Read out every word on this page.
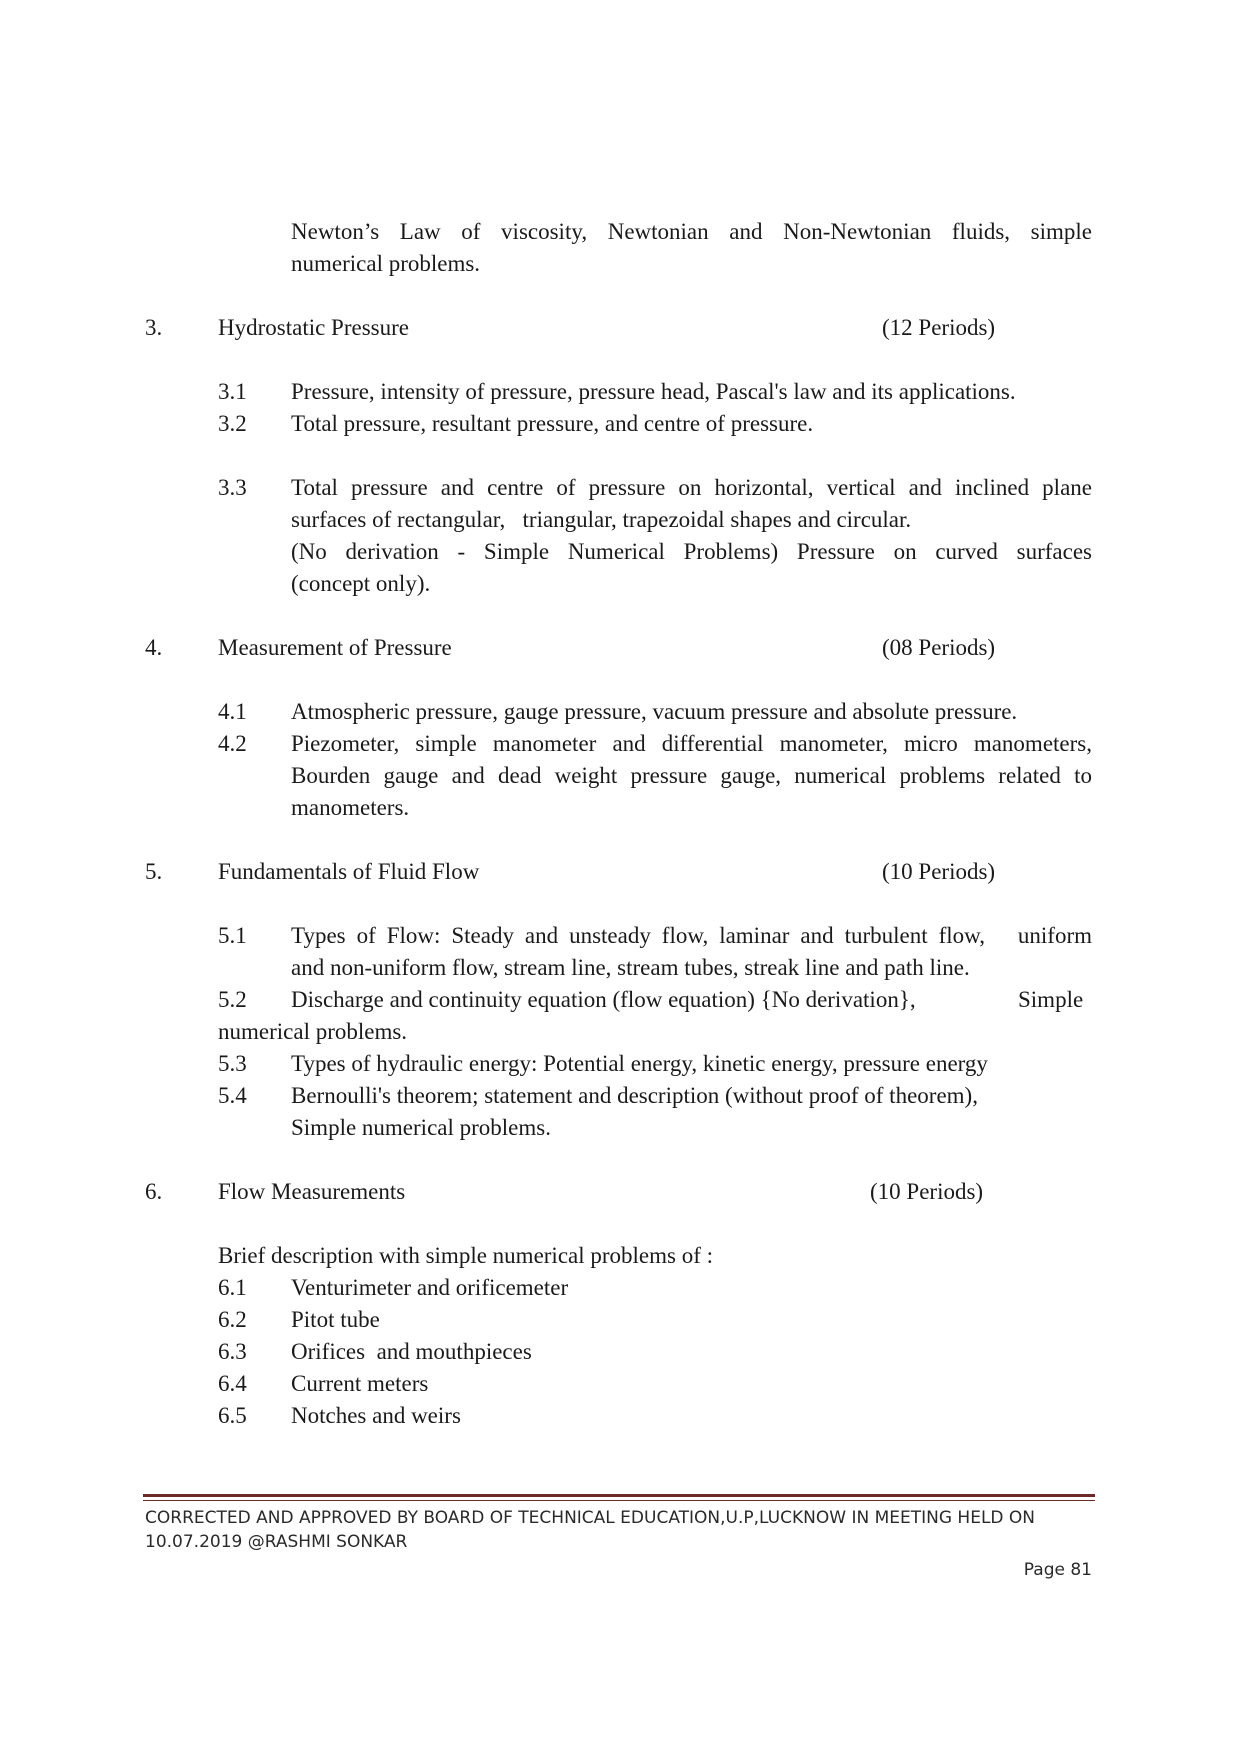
Newton’s Law of viscosity, Newtonian and Non-Newtonian fluids, simple
numerical problems.
3. Hydrostatic Pressure	(12 Periods)
3.1 Pressure, intensity of pressure, pressure head, Pascal's law and its applications.
3.2 Total pressure, resultant pressure, and centre of pressure.
3.3 Total pressure and centre of pressure on horizontal, vertical and inclined plane
surfaces of rectangular,   triangular, trapezoidal shapes and circular.
(No derivation - Simple Numerical Problems) Pressure on curved surfaces
(concept only).
4. Measurement of Pressure	(08 Periods)
4.1 Atmospheric pressure, gauge pressure, vacuum pressure and absolute pressure.
4.2 Piezometer, simple manometer and differential manometer, micro manometers,
Bourden gauge and dead weight pressure gauge, numerical problems related to
manometers.
5. Fundamentals of Fluid Flow	(10 Periods)
5.1 Types of Flow: Steady and unsteady flow, laminar and turbulent flow,   uniform
and non-uniform flow, stream line, stream tubes, streak line and path line.
5.2 Discharge and continuity equation (flow equation) {No derivation},	Simple
numerical problems.
5.3 Types of hydraulic energy: Potential energy, kinetic energy, pressure energy
5.4 Bernoulli's theorem; statement and description (without proof of theorem),
Simple numerical problems.
6. Flow Measurements	(10 Periods)
Brief description with simple numerical problems of :
6.1 Venturimeter and orificemeter
6.2 Pitot tube
6.3 Orifices  and mouthpieces
6.4 Current meters
6.5 Notches and weirs
CORRECTED AND APPROVED BY BOARD OF TECHNICAL EDUCATION,U.P,LUCKNOW IN MEETING HELD ON
10.07.2019 @RASHMI SONKAR
Page 81
